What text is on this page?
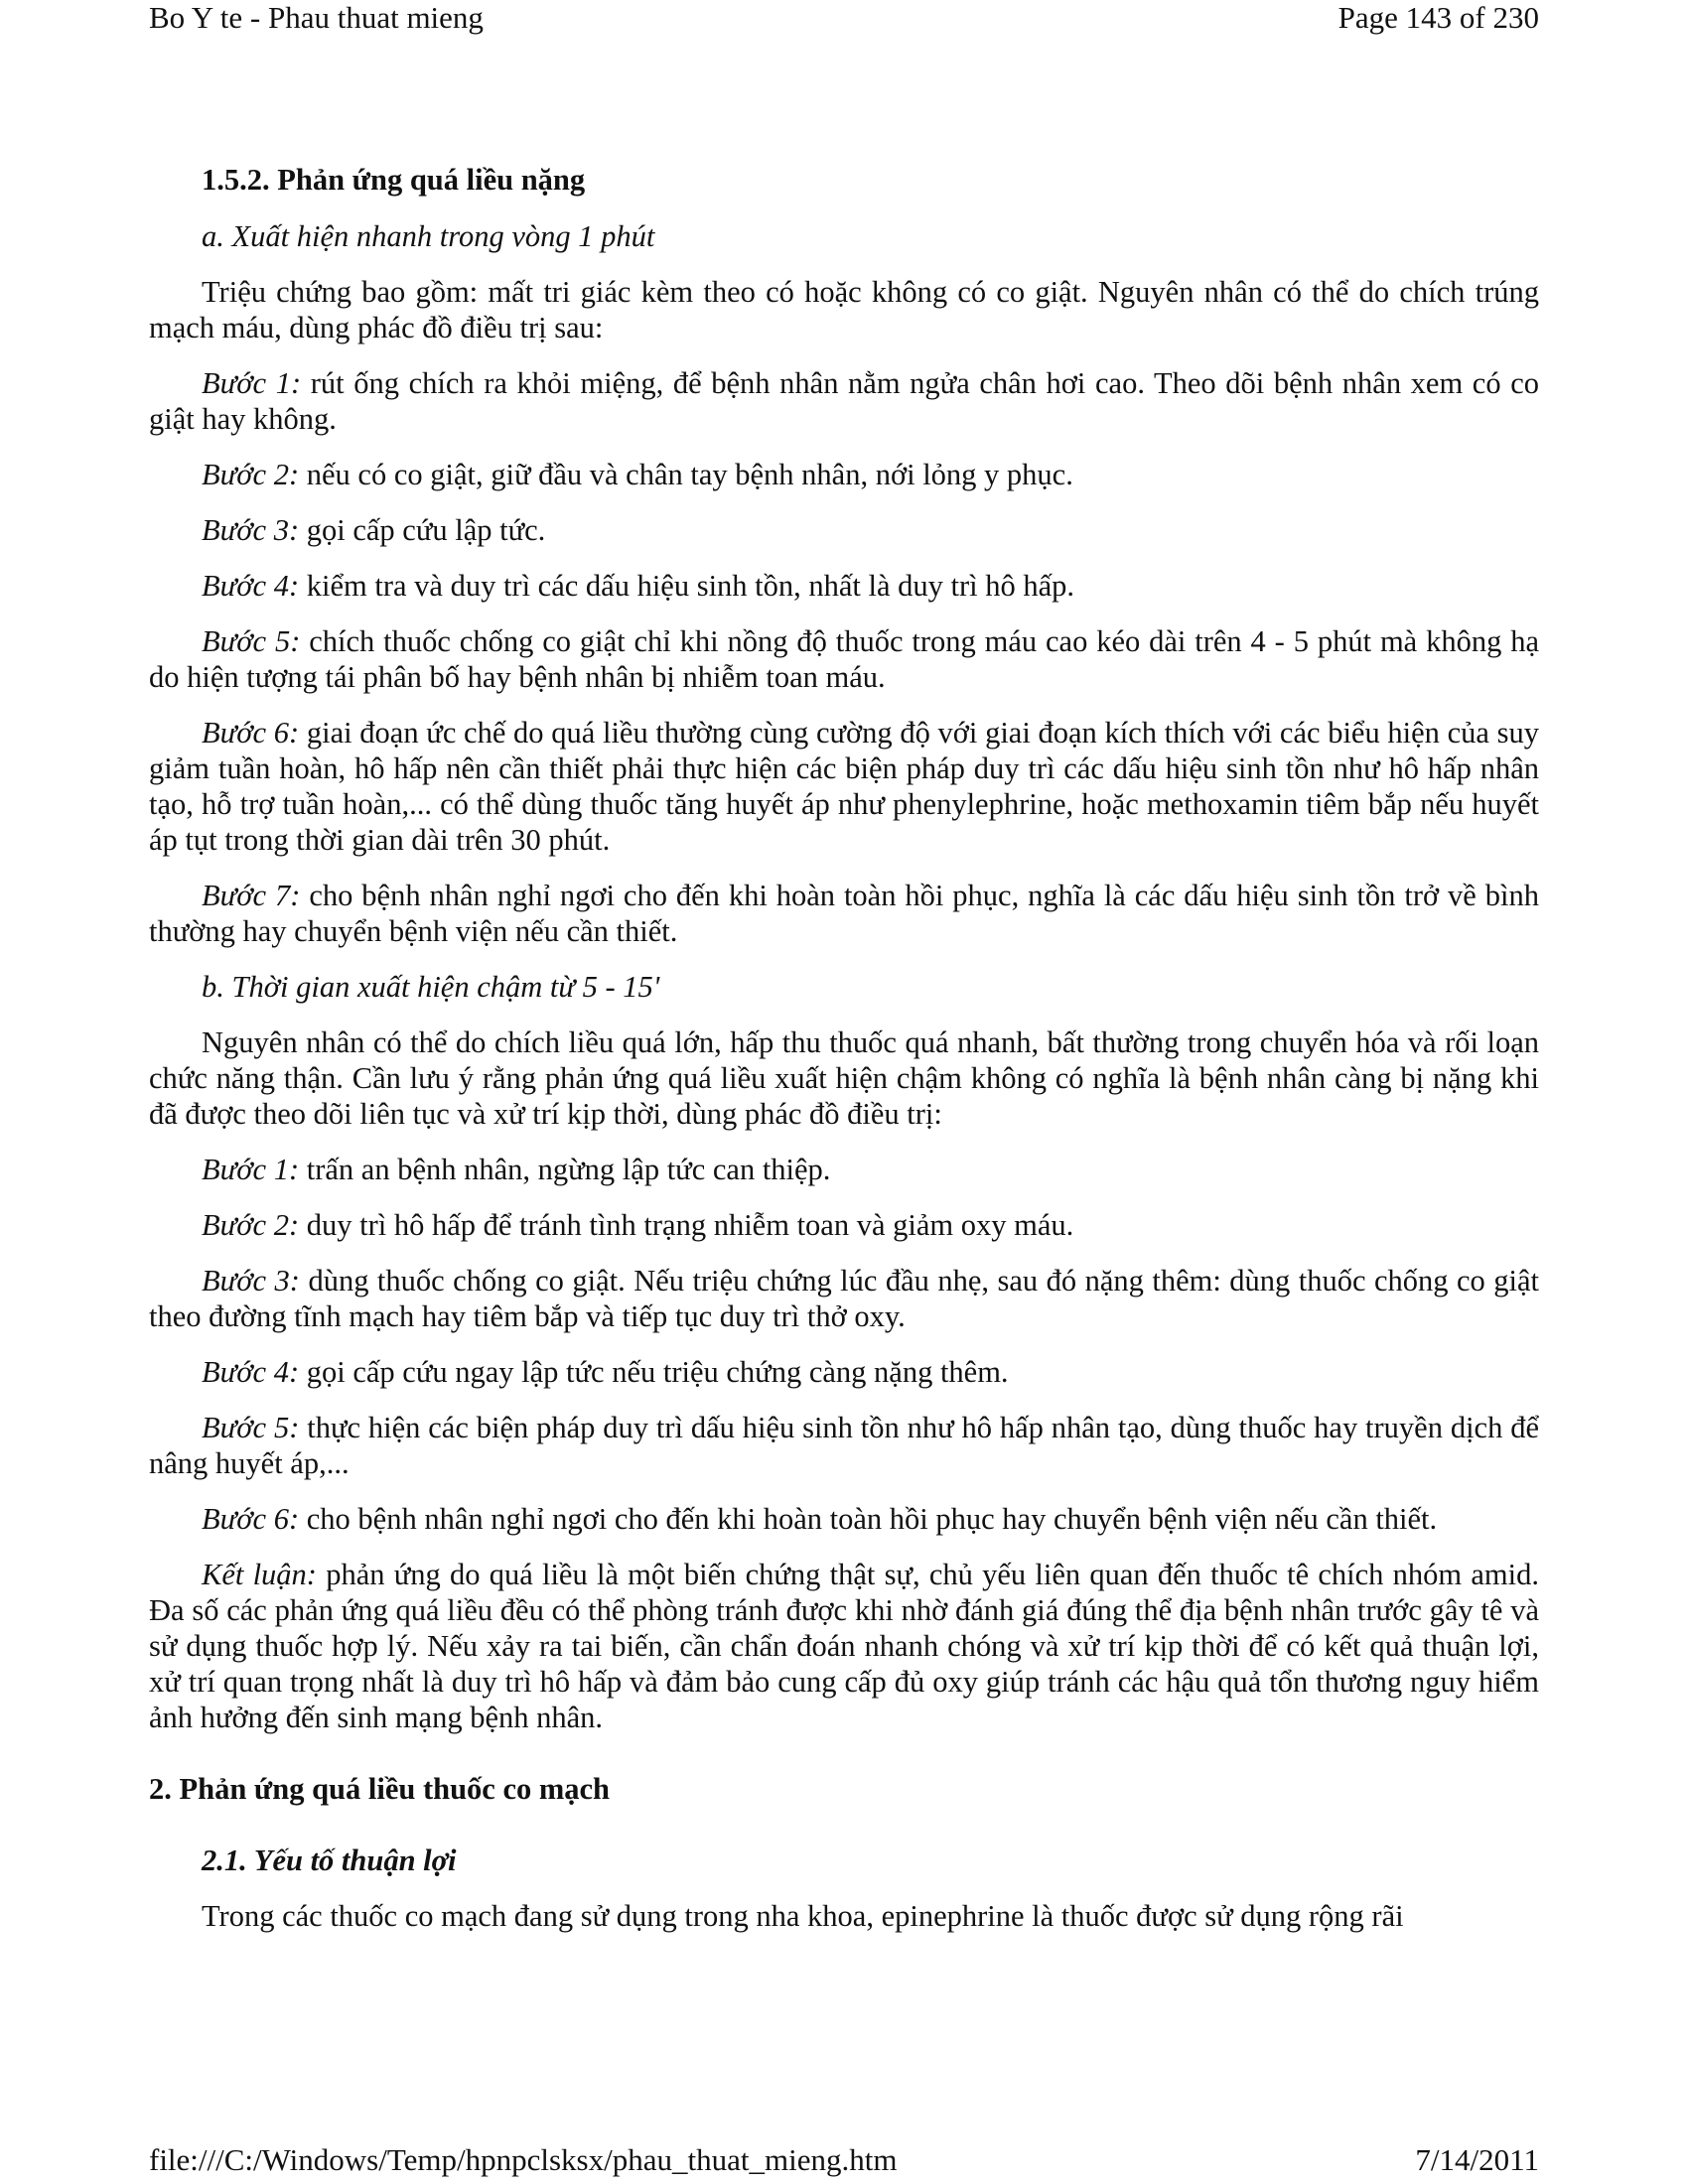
Bo Y te - Phau thuat mieng	Page 143 of 230

1.5.2. Phản ứng quá liều nặng

a. Xuất hiện nhanh trong vòng 1 phút

Triệu chứng bao gồm: mất tri giác kèm theo có hoặc không có co giật. Nguyên nhân có thể do chích trúng mạch máu, dùng phác đồ điều trị sau:

Bước 1: rút ống chích ra khỏi miệng, để bệnh nhân nằm ngửa chân hơi cao. Theo dõi bệnh nhân xem có co giật hay không.

Bước 2: nếu có co giật, giữ đầu và chân tay bệnh nhân, nới lỏng y phục.

Bước 3: gọi cấp cứu lập tức.

Bước 4: kiểm tra và duy trì các dấu hiệu sinh tồn, nhất là duy trì hô hấp.

Bước 5: chích thuốc chống co giật chỉ khi nồng độ thuốc trong máu cao kéo dài trên 4 - 5 phút mà không hạ do hiện tượng tái phân bố hay bệnh nhân bị nhiễm toan máu.

Bước 6: giai đoạn ức chế do quá liều thường cùng cường độ với giai đoạn kích thích với các biểu hiện của suy giảm tuần hoàn, hô hấp nên cần thiết phải thực hiện các biện pháp duy trì các dấu hiệu sinh tồn như hô hấp nhân tạo, hỗ trợ tuần hoàn,... có thể dùng thuốc tăng huyết áp như phenylephrine, hoặc methoxamin tiêm bắp nếu huyết áp tụt trong thời gian dài trên 30 phút.

Bước 7: cho bệnh nhân nghỉ ngơi cho đến khi hoàn toàn hồi phục, nghĩa là các dấu hiệu sinh tồn trở về bình thường hay chuyển bệnh viện nếu cần thiết.

b. Thời gian xuất hiện chậm từ 5 - 15'

Nguyên nhân có thể do chích liều quá lớn, hấp thu thuốc quá nhanh, bất thường trong chuyển hóa và rối loạn chức năng thận. Cần lưu ý rằng phản ứng quá liều xuất hiện chậm không có nghĩa là bệnh nhân càng bị nặng khi đã được theo dõi liên tục và xử trí kịp thời, dùng phác đồ điều trị:

Bước 1: trấn an bệnh nhân, ngừng lập tức can thiệp.

Bước 2: duy trì hô hấp để tránh tình trạng nhiễm toan và giảm oxy máu.

Bước 3: dùng thuốc chống co giật. Nếu triệu chứng lúc đầu nhẹ, sau đó nặng thêm: dùng thuốc chống co giật theo đường tĩnh mạch hay tiêm bắp và tiếp tục duy trì thở oxy.

Bước 4: gọi cấp cứu ngay lập tức nếu triệu chứng càng nặng thêm.

Bước 5: thực hiện các biện pháp duy trì dấu hiệu sinh tồn như hô hấp nhân tạo, dùng thuốc hay truyền dịch để nâng huyết áp,...

Bước 6: cho bệnh nhân nghỉ ngơi cho đến khi hoàn toàn hồi phục hay chuyển bệnh viện nếu cần thiết.

Kết luận: phản ứng do quá liều là một biến chứng thật sự, chủ yếu liên quan đến thuốc tê chích nhóm amid. Đa số các phản ứng quá liều đều có thể phòng tránh được khi nhờ đánh giá đúng thể địa bệnh nhân trước gây tê và sử dụng thuốc hợp lý. Nếu xảy ra tai biến, cần chẩn đoán nhanh chóng và xử trí kịp thời để có kết quả thuận lợi, xử trí quan trọng nhất là duy trì hô hấp và đảm bảo cung cấp đủ oxy giúp tránh các hậu quả tổn thương nguy hiểm ảnh hưởng đến sinh mạng bệnh nhân.

2. Phản ứng quá liều thuốc co mạch

2.1. Yếu tố thuận lợi

Trong các thuốc co mạch đang sử dụng trong nha khoa, epinephrine là thuốc được sử dụng rộng rãi

file:///C:/Windows/Temp/hpnpclsksx/phau_thuat_mieng.htm	7/14/2011
